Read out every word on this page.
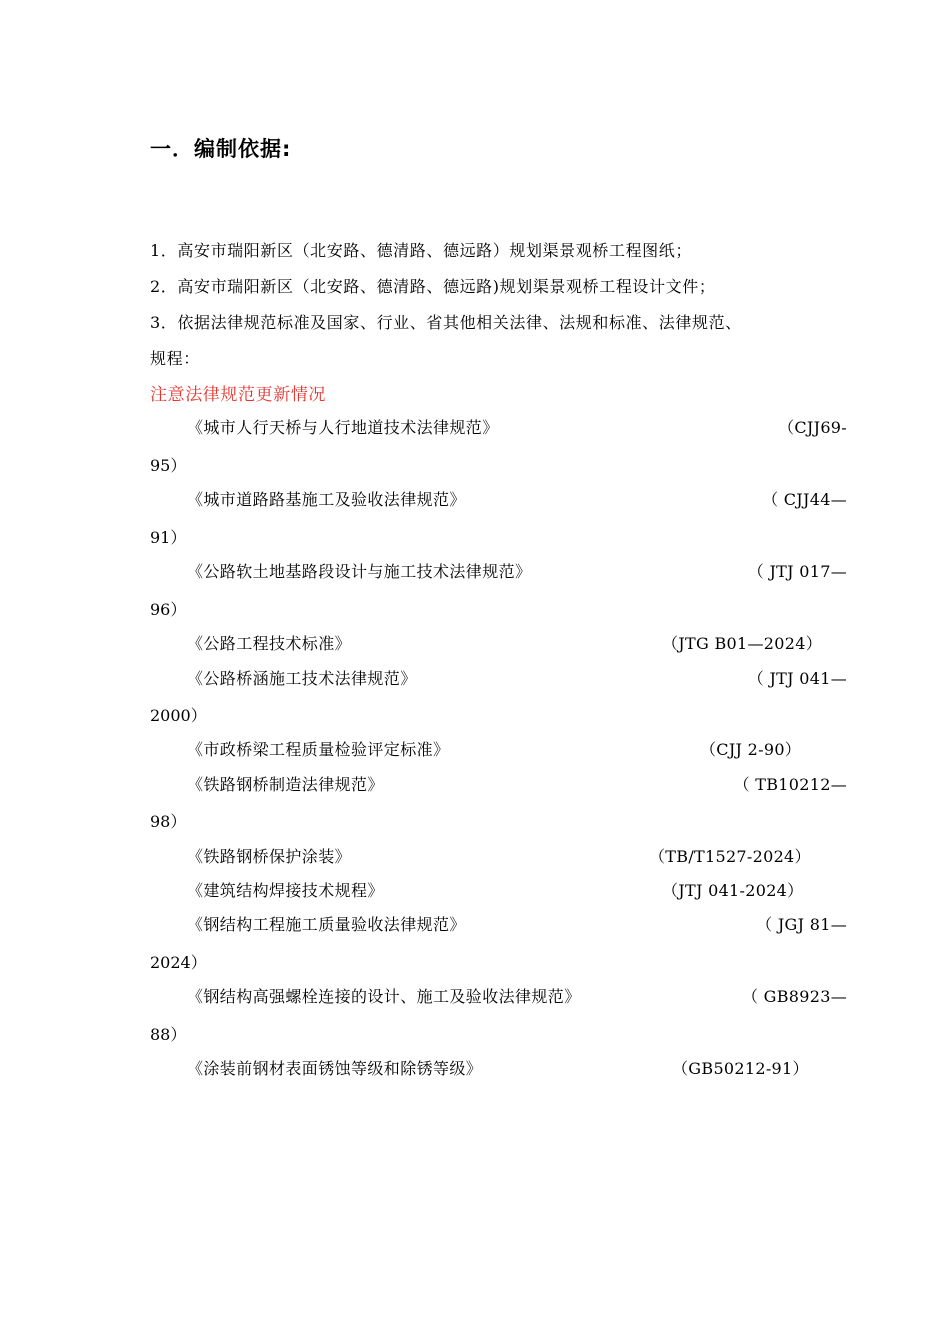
一．编制依据:
1．高安市瑞阳新区（北安路、德清路、德远路）规划渠景观桥工程图纸；
2．高安市瑞阳新区（北安路、德清路、德远路)规划渠景观桥工程设计文件；
3．依据法律规范标准及国家、行业、省其他相关法律、法规和标准、法律规范、
规程：
注意法律规范更新情况
《城市人行天桥与人行地道技术法律规范》	（CJJ69-
95）
《城市道路路基施工及验收法律规范》	（ CJJ44—
91）
《公路软土地基路段设计与施工技术法律规范》	（ JTJ 017—
96）
《公路工程技术标准》	（JTG B01—2024）
《公路桥涵施工技术法律规范》	（ JTJ 041—
2000）
《市政桥梁工程质量检验评定标准》	（CJJ 2-90）
《铁路钢桥制造法律规范》	（ TB10212—
98）
《铁路钢桥保护涂装》	（TB/T1527-2024）
《建筑结构焊接技术规程》	（JTJ 041-2024）
《钢结构工程施工质量验收法律规范》	（ JGJ 81—
2024）
《钢结构高强螺栓连接的设计、施工及验收法律规范》	（ GB8923—
88）
《涂装前钢材表面锈蚀等级和除锈等级》	（GB50212-91）
